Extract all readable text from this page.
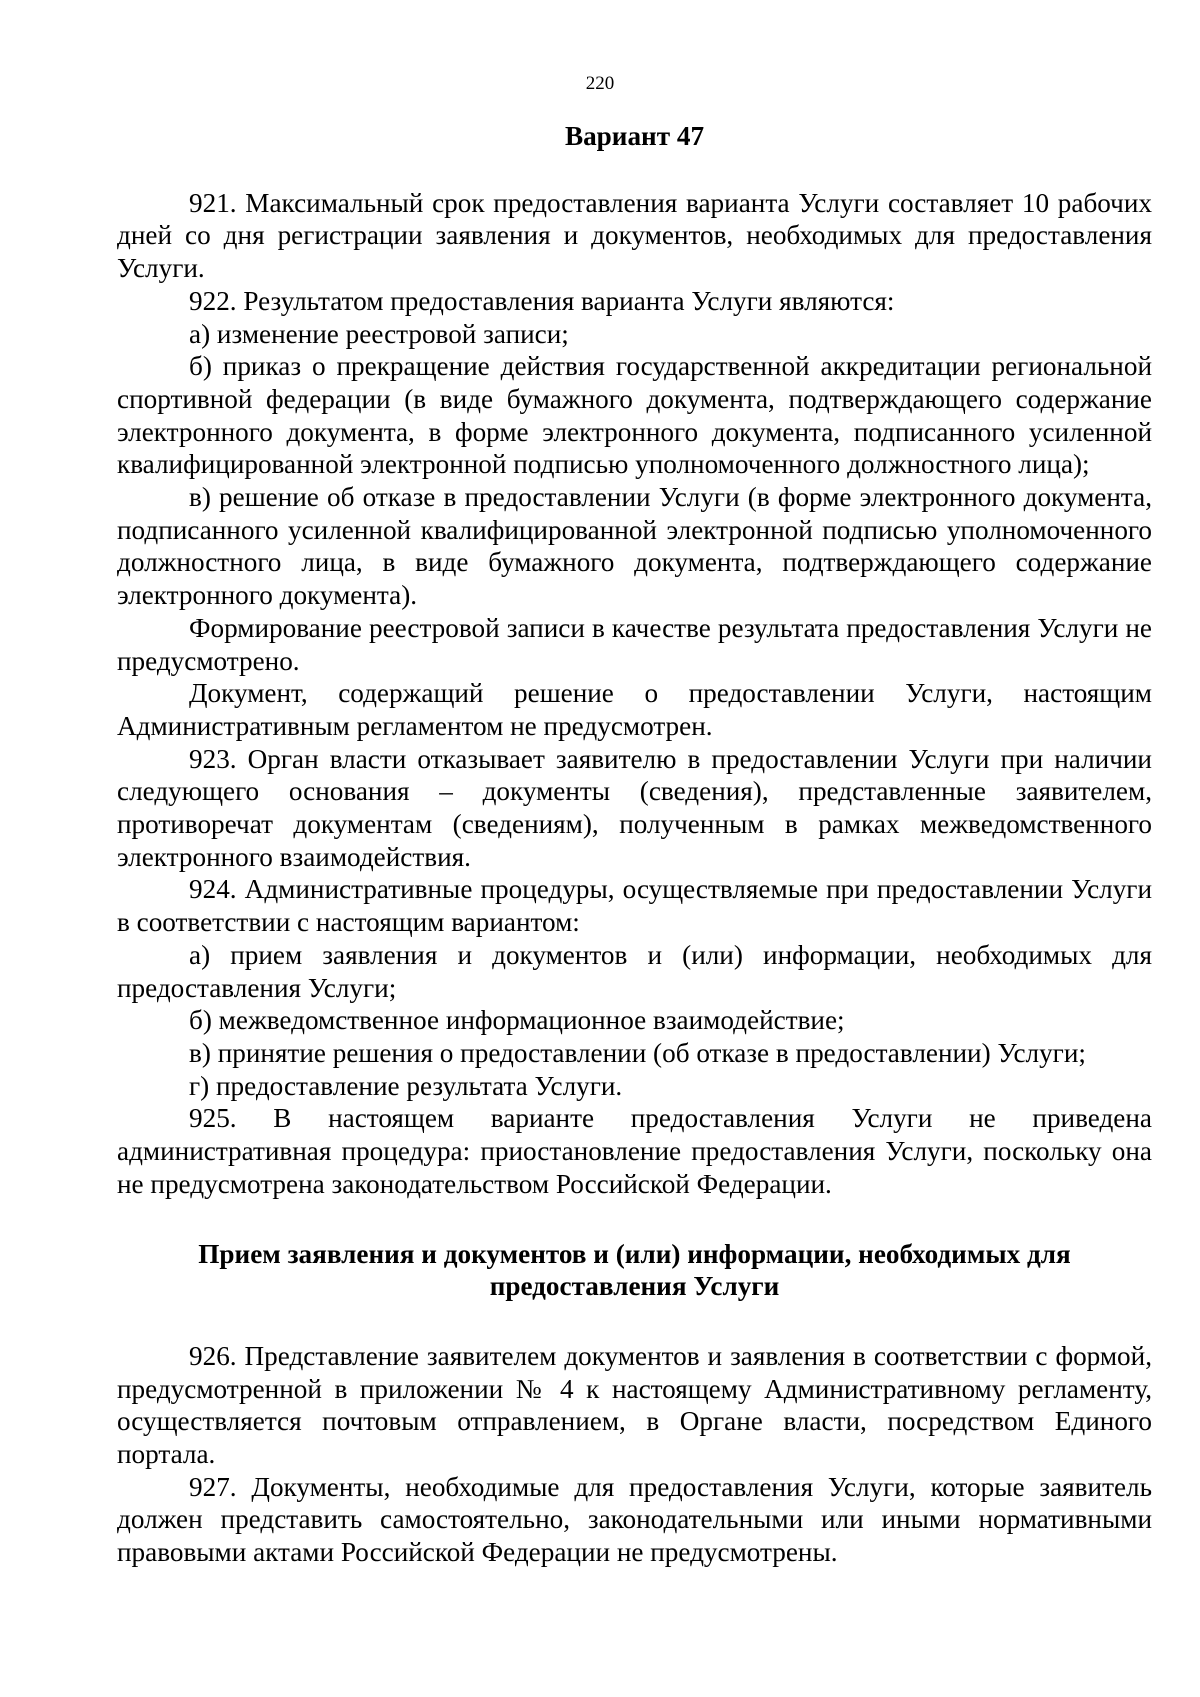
220

Вариант 47

921. Максимальный срок предоставления варианта Услуги составляет 10 рабочих дней со дня регистрации заявления и документов, необходимых для предоставления Услуги.

922. Результатом предоставления варианта Услуги являются:

а) изменение реестровой записи;

б) приказ о прекращение действия государственной аккредитации региональной спортивной федерации (в виде бумажного документа, подтверждающего содержание электронного документа, в форме электронного документа, подписанного усиленной квалифицированной электронной подписью уполномоченного должностного лица);

в) решение об отказе в предоставлении Услуги (в форме электронного документа, подписанного усиленной квалифицированной электронной подписью уполномоченного должностного лица, в виде бумажного документа, подтверждающего содержание электронного документа).

Формирование реестровой записи в качестве результата предоставления Услуги не предусмотрено.

Документ, содержащий решение о предоставлении Услуги, настоящим Административным регламентом не предусмотрен.

923. Орган власти отказывает заявителю в предоставлении Услуги при наличии следующего основания – документы (сведения), представленные заявителем, противоречат документам (сведениям), полученным в рамках межведомственного электронного взаимодействия.

924. Административные процедуры, осуществляемые при предоставлении Услуги в соответствии с настоящим вариантом:

а) прием заявления и документов и (или) информации, необходимых для предоставления Услуги;

б) межведомственное информационное взаимодействие;

в) принятие решения о предоставлении (об отказе в предоставлении) Услуги;

г) предоставление результата Услуги.

925. В настоящем варианте предоставления Услуги не приведена административная процедура: приостановление предоставления Услуги, поскольку она не предусмотрена законодательством Российской Федерации.

Прием заявления и документов и (или) информации, необходимых для
предоставления Услуги

926. Представление заявителем документов и заявления в соответствии с формой, предусмотренной в приложении № 4 к настоящему Административному регламенту, осуществляется почтовым отправлением, в Органе власти, посредством Единого портала.

927. Документы, необходимые для предоставления Услуги, которые заявитель должен представить самостоятельно, законодательными или иными нормативными правовыми актами Российской Федерации не предусмотрены.
